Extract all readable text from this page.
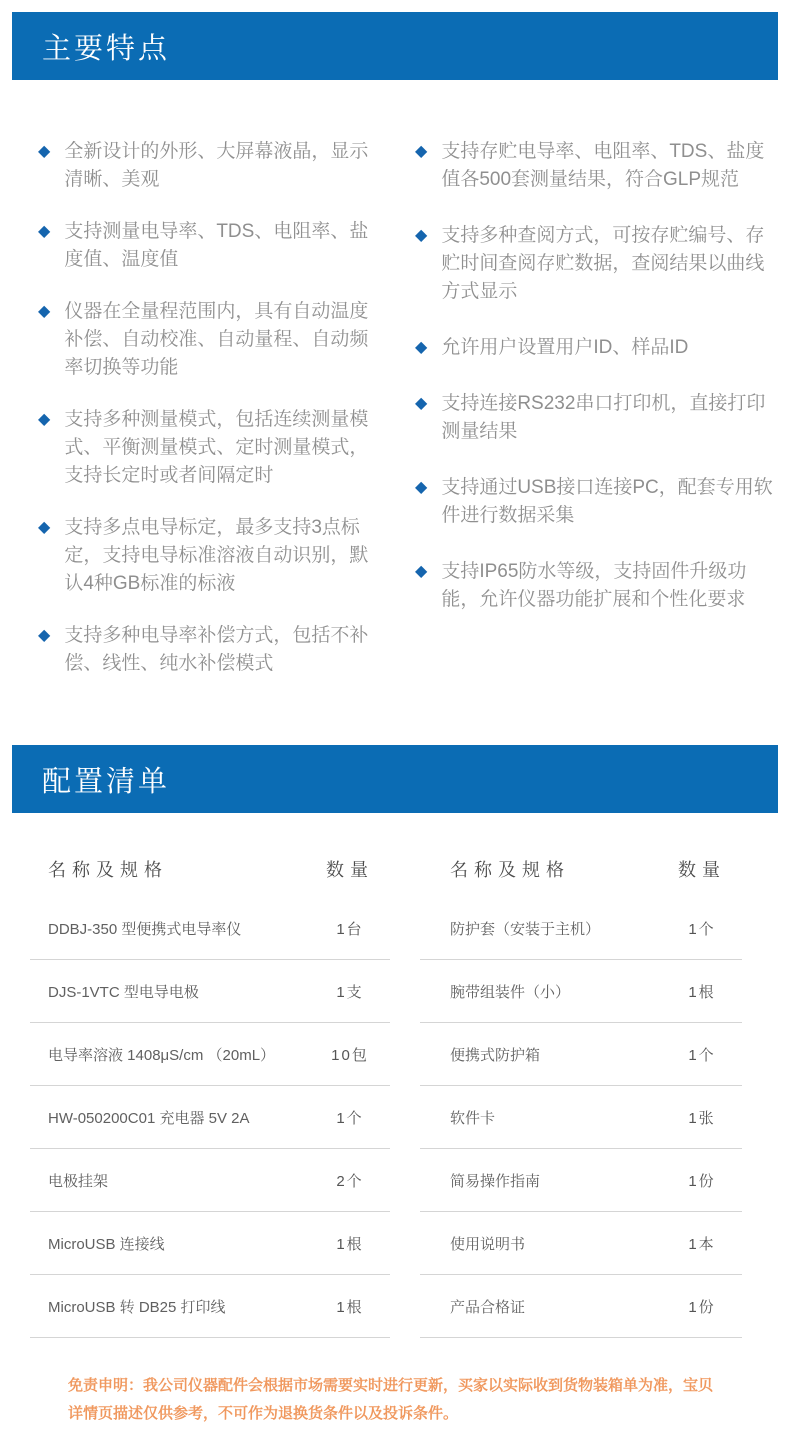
主要特点
◆ 全新设计的外形、大屏幕液晶，显示清晰、美观
◆ 支持测量电导率、TDS、电阻率、盐度值、温度值
◆ 仪器在全量程范围内，具有自动温度补偿、自动校准、自动量程、自动频率切换等功能
◆ 支持多种测量模式，包括连续测量模式、平衡测量模式、定时测量模式，支持长定时或者间隔定时
◆ 支持多点电导标定，最多支持3点标定，支持电导标准溶液自动识别，默认4种GB标准的标液
◆ 支持多种电导率补偿方式，包括不补偿、线性、纯水补偿模式
◆ 支持存贮电导率、电阻率、TDS、盐度值各500套测量结果，符合GLP规范
◆ 支持多种查阅方式，可按存贮编号、存贮时间查阅存贮数据，查阅结果以曲线方式显示
◆ 允许用户设置用户ID、样品ID
◆ 支持连接RS232串口打印机，直接打印测量结果
◆ 支持通过USB接口连接PC，配套专用软件进行数据采集
◆ 支持IP65防水等级，支持固件升级功能，允许仪器功能扩展和个性化要求
配置清单
名称及规格	数量
DDBJ-350 型便携式电导率仪	1台
DJS-1VTC 型电导电极	1支
电导率溶液 1408μS/cm （20mL）	10包
HW-050200C01 充电器 5V 2A	1个
电极挂架	2个
MicroUSB 连接线	1根
MicroUSB 转 DB25 打印线	1根
名称及规格	数量
防护套（安装于主机）	1个
腕带组装件（小）	1根
便携式防护箱	1个
软件卡	1张
简易操作指南	1份
使用说明书	1本
产品合格证	1份

免责申明：我公司仪器配件会根据市场需要实时进行更新，买家以实际收到货物装箱单为准，宝贝详情页描述仅供参考，不可作为退换货条件以及投诉条件。
